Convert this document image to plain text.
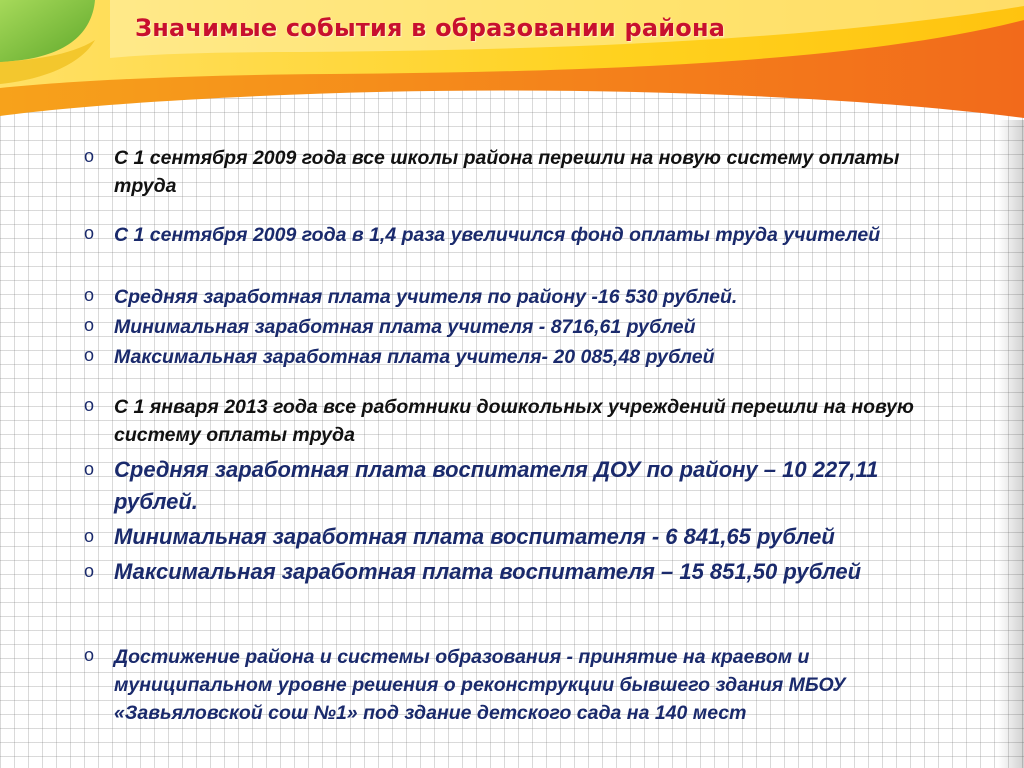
Значимые события в образовании района
o С 1 сентября 2009 года все школы района перешли на новую систему оплаты труда

o С 1 сентября 2009 года в 1,4 раза увеличился фонд оплаты труда учителей

o Средняя заработная плата учителя по району -16 530 рублей.

o Минимальная заработная плата учителя - 8716,61 рублей

o Максимальная заработная плата учителя- 20 085,48 рублей

o С 1 января 2013 года все работники дошкольных учреждений перешли на новую систему оплаты труда

o Средняя заработная плата воспитателя ДОУ по району – 10 227,11 рублей.

o Минимальная заработная плата воспитателя - 6 841,65 рублей

o Максимальная заработная плата воспитателя – 15 851,50 рублей

o Достижение района и системы образования - принятие на краевом и муниципальном уровне решения о реконструкции бывшего здания МБОУ «Завьяловской сош №1» под здание детского сада на 140 мест
